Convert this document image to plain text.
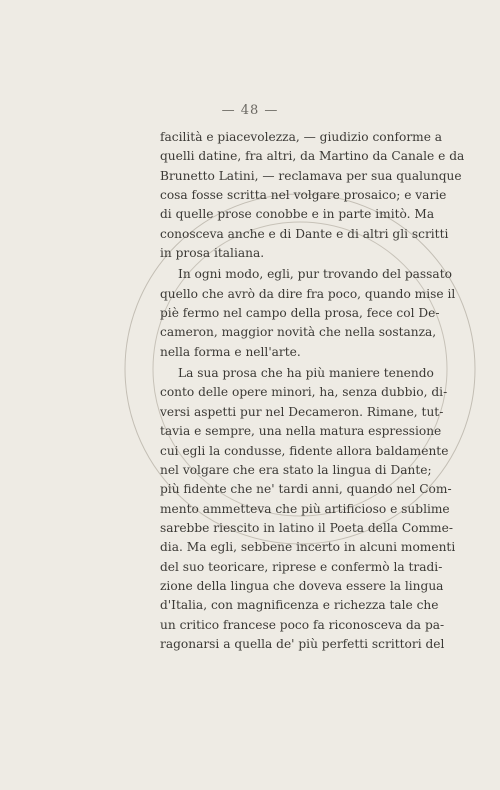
— 48 —
facilità e piacevolezza, — giudizio conforme a
quelli datine, fra altri, da Martino da Canale e da
Brunetto Latini, — reclamava per sua qualunque
cosa fosse scritta nel volgare prosaico; e varie
di quelle prose conobbe e in parte imitò. Ma
conosceva anche e di Dante e di altri gli scritti
in prosa italiana.
In ogni modo, egli, pur trovando del passato
quello che avrò da dire fra poco, quando mise il
piè fermo nel campo della prosa, fece col De-
cameron, maggior novità che nella sostanza,
nella forma e nell'arte.
La sua prosa che ha più maniere tenendo
conto delle opere minori, ha, senza dubbio, di-
versi aspetti pur nel Decameron. Rimane, tut-
tavia e sempre, una nella matura espressione
cui egli la condusse, fidente allora baldamente
nel volgare che era stato la lingua di Dante;
più fidente che ne' tardi anni, quando nel Com-
mento ammetteva che più artificioso e sublime
sarebbe riescito in latino il Poeta della Comme-
dia. Ma egli, sebbene incerto in alcuni momenti
del suo teoricare, riprese e confermò la tradi-
zione della lingua che doveva essere la lingua
d'Italia, con magnificenza e richezza tale che
un critico francese poco fa riconosceva da pa-
ragonarsi a quella de' più perfetti scrittori del
